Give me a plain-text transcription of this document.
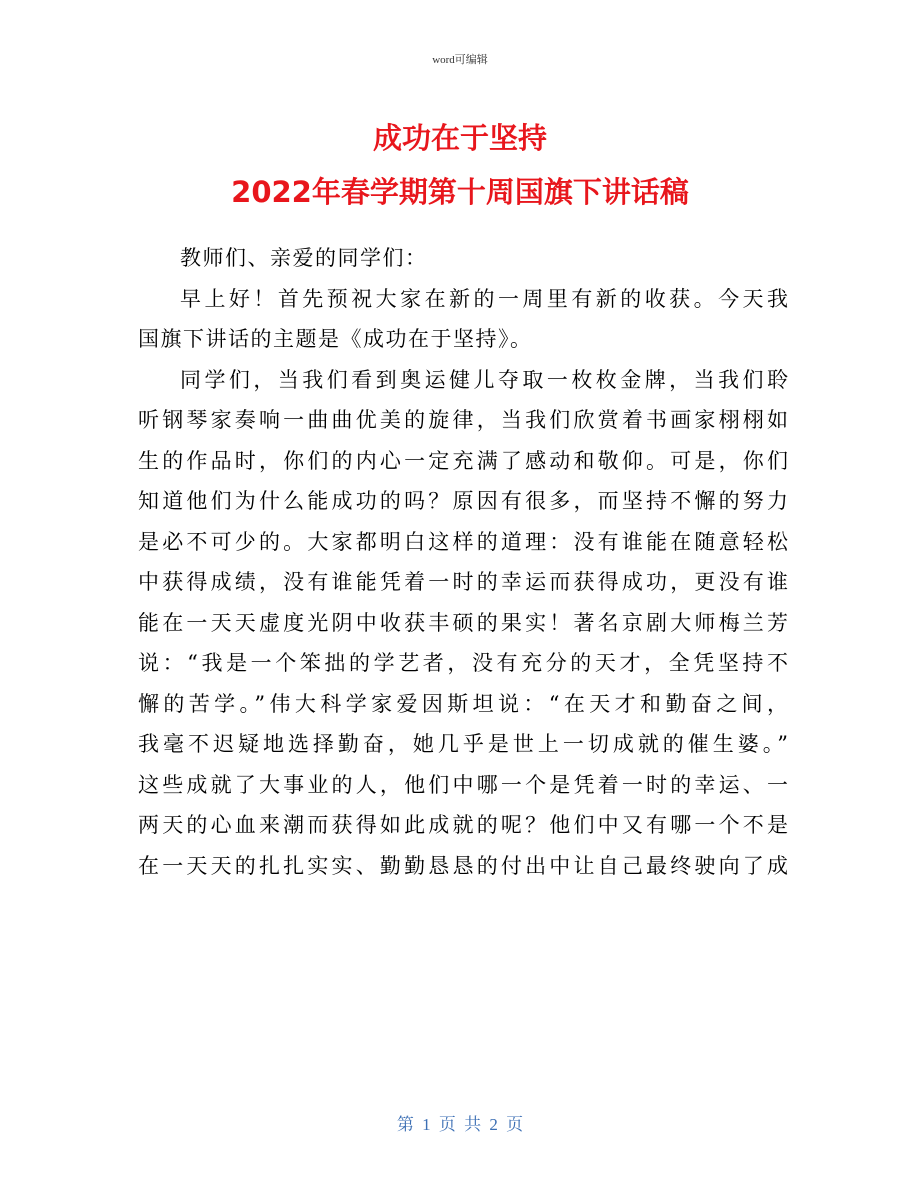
word可编辑
成功在于坚持
2022年春学期第十周国旗下讲话稿
教师们、亲爱的同学们：
早上好！首先预祝大家在新的一周里有新的收获。今天我
国旗下讲话的主题是《成功在于坚持》。
同学们，当我们看到奥运健儿夺取一枚枚金牌，当我们聆
听钢琴家奏响一曲曲优美的旋律，当我们欣赏着书画家栩栩如
生的作品时，你们的内心一定充满了感动和敬仰。可是，你们
知道他们为什么能成功的吗？原因有很多，而坚持不懈的努力
是必不可少的。大家都明白这样的道理：没有谁能在随意轻松
中获得成绩，没有谁能凭着一时的幸运而获得成功，更没有谁
能在一天天虚度光阴中收获丰硕的果实！著名京剧大师梅兰芳
说：“我是一个笨拙的学艺者，没有充分的天才，全凭坚持不
懈的苦学。”伟大科学家爱因斯坦说：“在天才和勤奋之间，
我毫不迟疑地选择勤奋，她几乎是世上一切成就的催生婆。”
这些成就了大事业的人，他们中哪一个是凭着一时的幸运、一
两天的心血来潮而获得如此成就的呢？他们中又有哪一个不是
在一天天的扎扎实实、勤勤恳恳的付出中让自己最终驶向了成
第 1 页 共 2 页
